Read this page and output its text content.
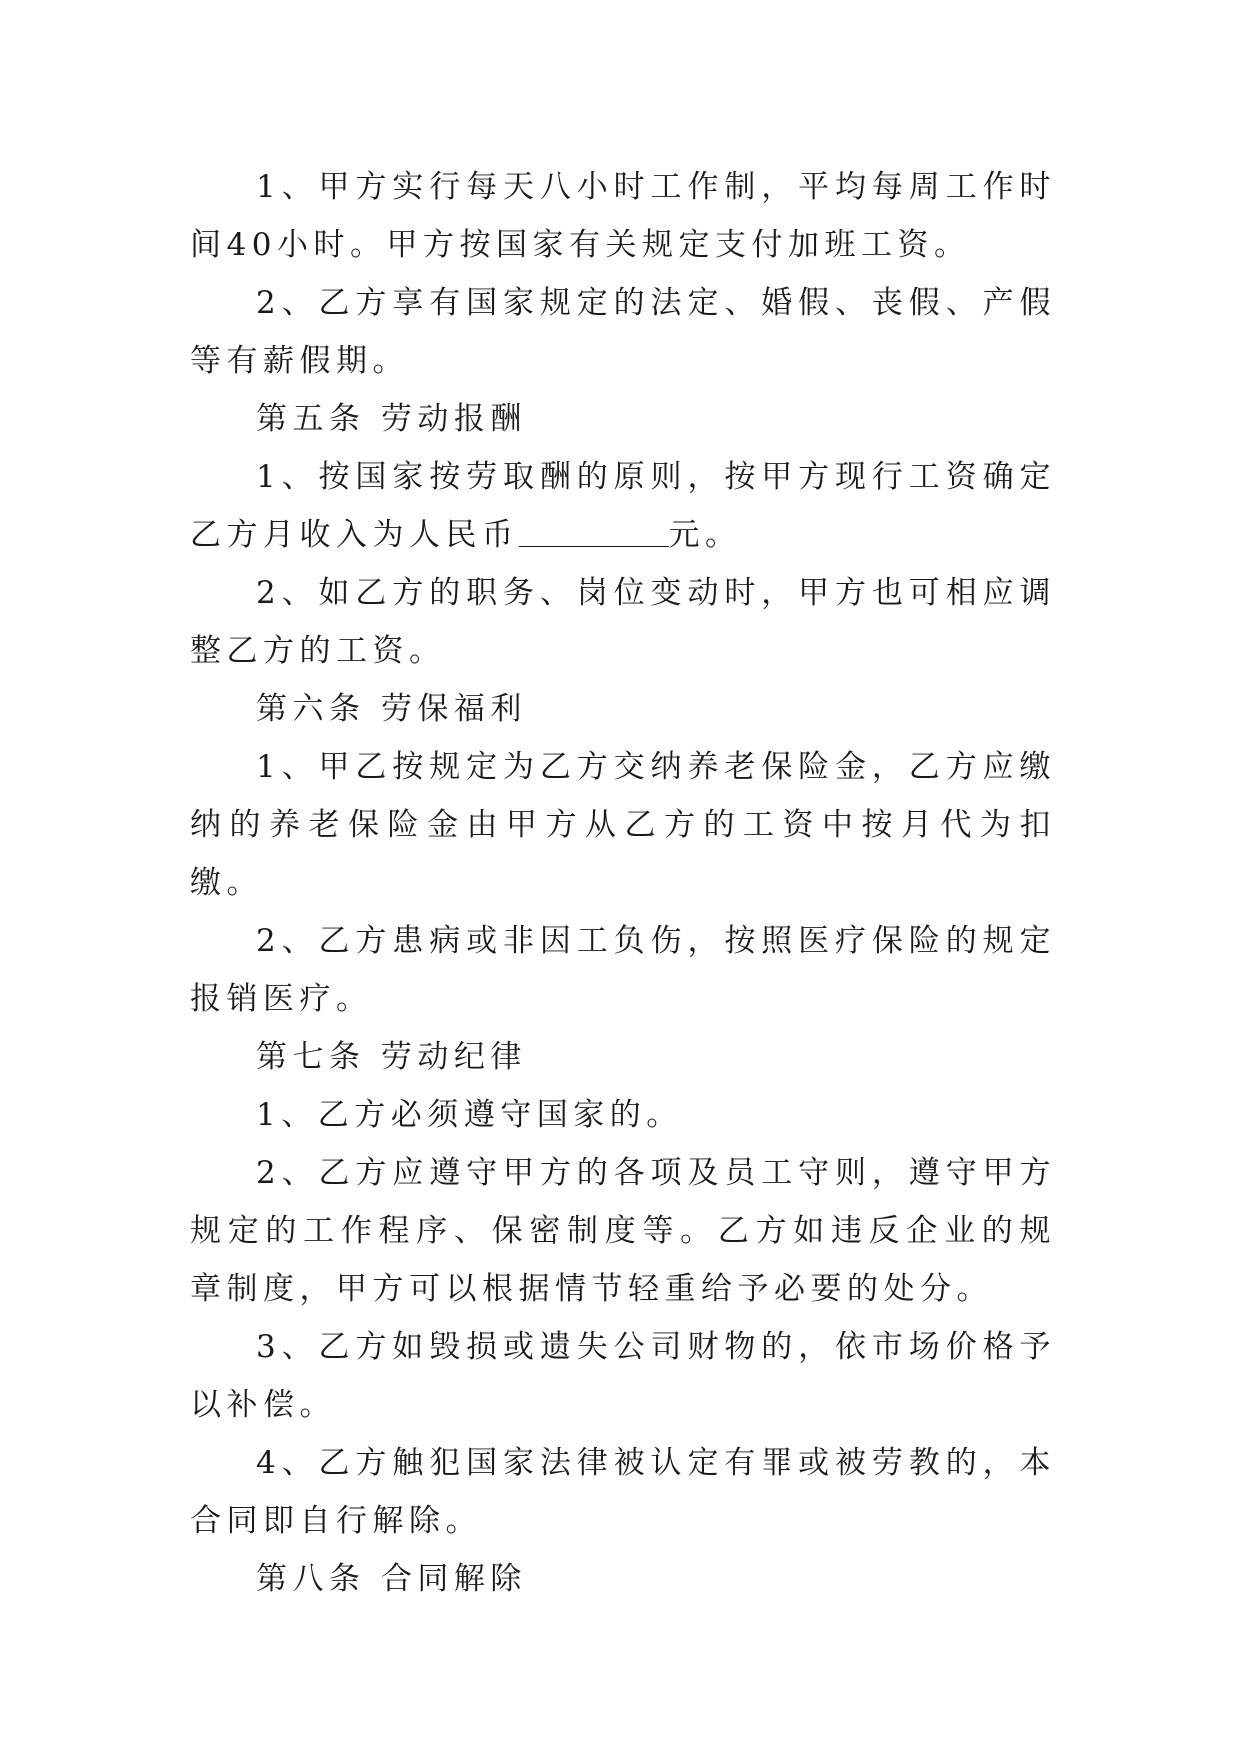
1、甲方实行每天八小时工作制，平均每周工作时间40小时。甲方按国家有关规定支付加班工资。

2、乙方享有国家规定的法定、婚假、丧假、产假等有薪假期。

第五条 劳动报酬

1、按国家按劳取酬的原则，按甲方现行工资确定乙方月收入为人民币	元。

2、如乙方的职务、岗位变动时，甲方也可相应调整乙方的工资。

第六条 劳保福利

1、甲乙按规定为乙方交纳养老保险金，乙方应缴纳的养老保险金由甲方从乙方的工资中按月代为扣缴。

2、乙方患病或非因工负伤，按照医疗保险的规定报销医疗。

第七条 劳动纪律

1、乙方必须遵守国家的。

2、乙方应遵守甲方的各项及员工守则，遵守甲方规定的工作程序、保密制度等。乙方如违反企业的规章制度，甲方可以根据情节轻重给予必要的处分。

3、乙方如毁损或遗失公司财物的，依市场价格予以补偿。

4、乙方触犯国家法律被认定有罪或被劳教的，本合同即自行解除。

第八条 合同解除
